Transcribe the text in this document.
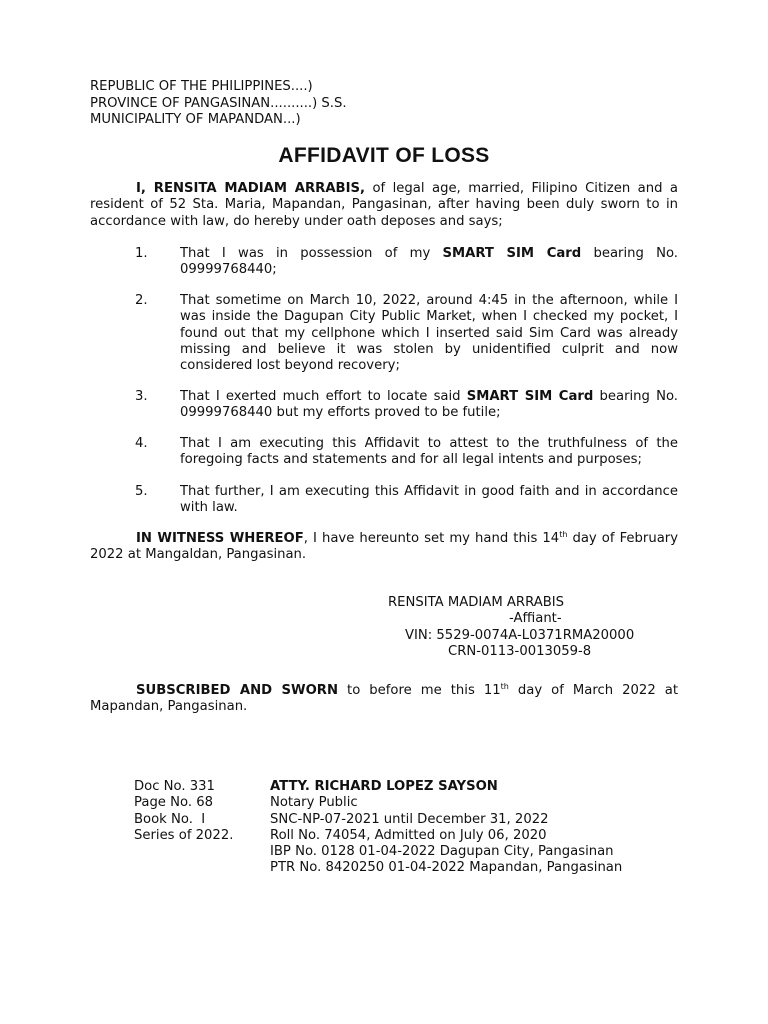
REPUBLIC OF THE PHILIPPINES....)
PROVINCE OF PANGASINAN..........) S.S.
MUNICIPALITY OF MAPANDAN...)
AFFIDAVIT OF LOSS
I, RENSITA MADIAM ARRABIS, of legal age, married, Filipino Citizen and a resident of 52 Sta. Maria, Mapandan, Pangasinan, after having been duly sworn to in accordance with law, do hereby under oath deposes and says;
1.	That I was in possession of my SMART SIM Card bearing No. 09999768440;
2.	That sometime on March 10, 2022, around 4:45 in the afternoon, while I was inside the Dagupan City Public Market, when I checked my pocket, I found out that my cellphone which I inserted said Sim Card was already missing and believe it was stolen by unidentified culprit and now considered lost beyond recovery;
3.	That I exerted much effort to locate said SMART SIM Card bearing No. 09999768440 but my efforts proved to be futile;
4.	That I am executing this Affidavit to attest to the truthfulness of the foregoing facts and statements and for all legal intents and purposes;
5.	That further, I am executing this Affidavit in good faith and in accordance with law.
IN WITNESS WHEREOF, I have hereunto set my hand this 14th day of February 2022 at Mangaldan, Pangasinan.
RENSITA MADIAM ARRABIS
-Affiant-
VIN: 5529-0074A-L0371RMA20000
CRN-0113-0013059-8
SUBSCRIBED AND SWORN to before me this 11th day of March 2022 at Mapandan, Pangasinan.
Doc No. 331
Page No. 68
Book No.  I
Series of 2022.
ATTY. RICHARD LOPEZ SAYSON
Notary Public
SNC-NP-07-2021 until December 31, 2022
Roll No. 74054, Admitted on July 06, 2020
IBP No. 0128 01-04-2022 Dagupan City, Pangasinan
PTR No. 8420250 01-04-2022 Mapandan, Pangasinan
